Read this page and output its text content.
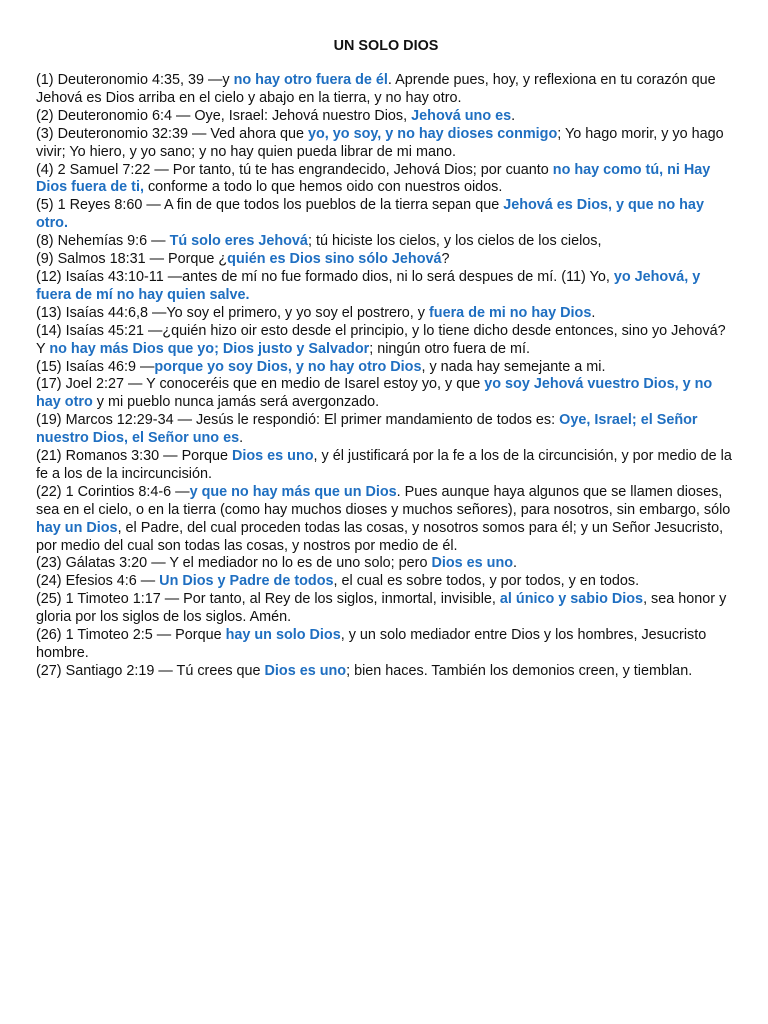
UN SOLO DIOS
(1) Deuteronomio 4:35, 39 —y no hay otro fuera de él. Aprende pues, hoy, y reflexiona en tu corazón que Jehová es Dios arriba en el cielo y abajo en la tierra, y no hay otro.
(2) Deuteronomio 6:4 — Oye, Israel: Jehová nuestro Dios, Jehová uno es.
(3) Deuteronomio 32:39 — Ved ahora que yo, yo soy, y no hay dioses conmigo; Yo hago morir, y yo hago vivir; Yo hiero, y yo sano; y no hay quien pueda librar de mi mano.
(4) 2 Samuel 7:22 — Por tanto, tú te has engrandecido, Jehová Dios; por cuanto no hay como tú, ni Hay Dios fuera de ti, conforme a todo lo que hemos oido con nuestros oidos.
(5) 1 Reyes 8:60 — A fin de que todos los pueblos de la tierra sepan que Jehová es Dios, y que no hay otro.
(8) Nehemías 9:6 — Tú solo eres Jehová; tú hiciste los cielos, y los cielos de los cielos,
(9) Salmos 18:31 — Porque ¿quién es Dios sino sólo Jehová?
(12) Isaías 43:10-11 —antes de mí no fue formado dios, ni lo será despues de mí. (11) Yo, yo Jehová, y fuera de mí no hay quien salve.
(13) Isaías 44:6,8 —Yo soy el primero, y yo soy el postrero, y fuera de mi no hay Dios.
(14) Isaías 45:21 —¿quién hizo oir esto desde el principio, y lo tiene dicho desde entonces, sino yo Jehová? Y no hay más Dios que yo; Dios justo y Salvador; ningún otro fuera de mí.
(15) Isaías 46:9 —porque yo soy Dios, y no hay otro Dios, y nada hay semejante a mi.
(17) Joel 2:27 — Y conoceréis que en medio de Isarel estoy yo, y que yo soy Jehová vuestro Dios, y no hay otro y mi pueblo nunca jamás será avergonzado.
(19) Marcos 12:29-34 — Jesús le respondió: El primer mandamiento de todos es: Oye, Israel; el Señor nuestro Dios, el Señor uno es.
(21) Romanos 3:30 — Porque Dios es uno, y él justificará por la fe a los de la circuncisión, y por medio de la fe a los de la incircuncisión.
(22) 1 Corintios 8:4-6 —y que no hay más que un Dios. Pues aunque haya algunos que se llamen dioses, sea en el cielo, o en la tierra (como hay muchos dioses y muchos señores), para nosotros, sin embargo, sólo hay un Dios, el Padre, del cual proceden todas las cosas, y nosotros somos para él; y un Señor Jesucristo, por medio del cual son todas las cosas, y nostros por medio de él.
(23) Gálatas 3:20 — Y el mediador no lo es de uno solo; pero Dios es uno.
(24) Efesios 4:6 — Un Dios y Padre de todos, el cual es sobre todos, y por todos, y en todos.
(25) 1 Timoteo 1:17 — Por tanto, al Rey de los siglos, inmortal, invisible, al único y sabio Dios, sea honor y gloria por los siglos de los siglos. Amén.
(26) 1 Timoteo 2:5 — Porque hay un solo Dios, y un solo mediador entre Dios y los hombres, Jesucristo hombre.
(27) Santiago 2:19 — Tú crees que Dios es uno; bien haces. También los demonios creen, y tiemblan.
